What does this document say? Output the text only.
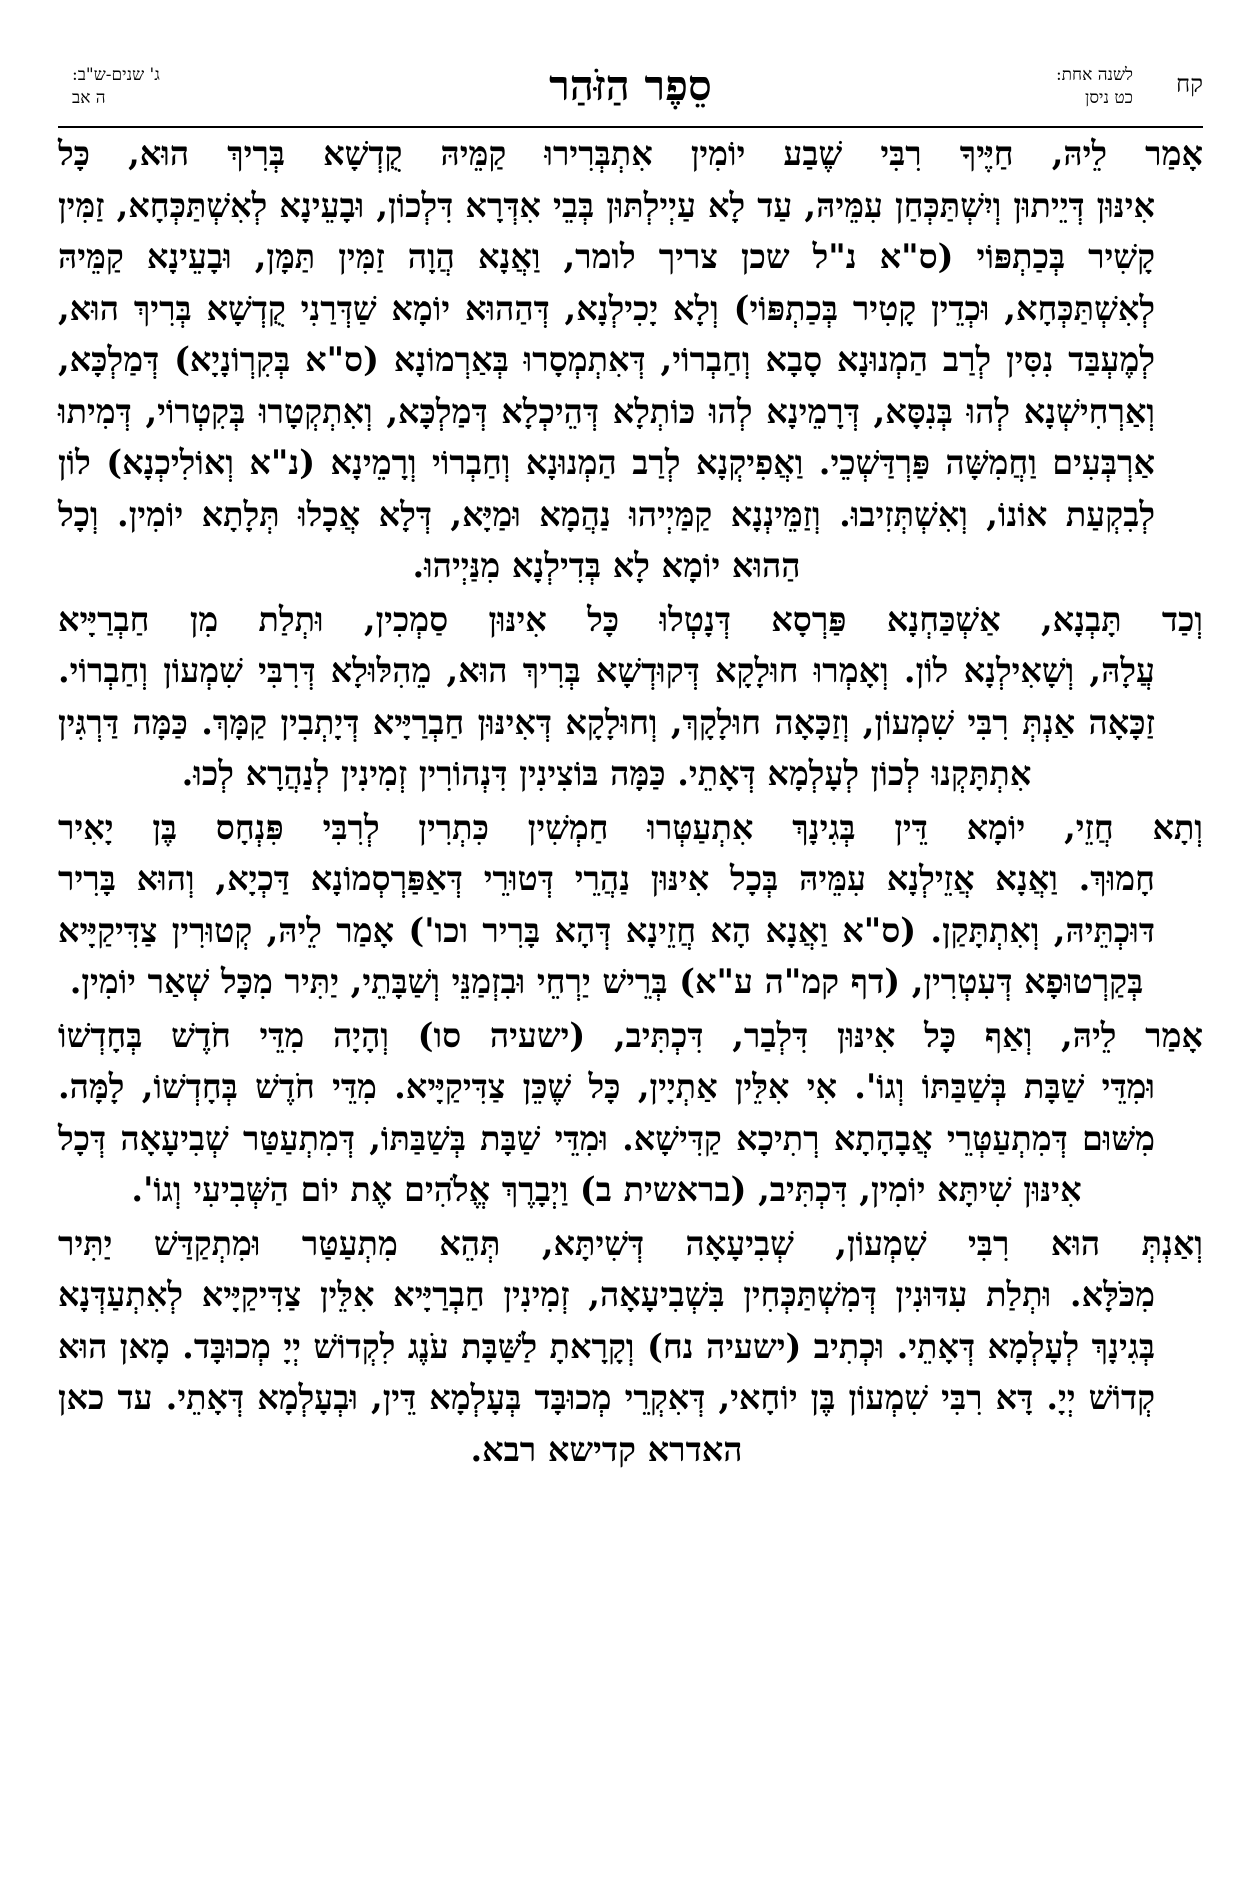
קח
לשנה אחת:
כט ניסן
סֵפֶר הַזֹּהַר
ג' שנים-ש"ב:
ה אב

אָמַר לֵיהּ, חַיֶּיךָ רִבִּי שֶׁבַע יוֹמִין אִתְבְּרִירוּ קַמֵּיהּ קֻדְשָׁא בְּרִיךְ הוּא, כָּל
אִינּוּן דְּיֵיתוּן וְיִשְׁתַּכְּחַן עִמֵּיהּ, עַד לָא עַיְילְתּוּן בְּבֵי אִדְּרָא דִּלְכוֹן, וּבָעֵינָא לְאִשְׁתַּכְּחָא, זַמִּין קָשִׁיר בְּכַתְפּוֹי (ס"א נ"ל שכן צריך לומר, וַאֲנָא הֲוָה זַמִּין תַּמָּן, וּבָעֵינָא קַמֵּיהּ לְאִשְׁתַּכְּחָא, וּכְדֵין קָטִיר בְּכַתְפּוֹי) וְלָא יָכִילְנָא, דְּהַהוּא יוֹמָא שַׁדְּרַנִי קֻדְשָׁא בְּרִיךְ הוּא, לְמֶעְבַּד נִסִּין לְרַב הַמְנוּנָא סָבָא וְחַבְרוֹי, דְּאִתְמְסָרוּ בְּאַרְמוֹנָא (ס"א בְּקִרְוֹנָיָא) דְּמַלְכָּא, וְאַרְחִישְׁנָא לְהוּ בְּנִסָּא, דְּרָמֵינָא לְהוּ כּוֹתְלָא דְּהֵיכְלָא דְּמַלְכָּא, וְאִתְקְטָרוּ בְּקִטְרוֹי, דְּמִיתוּ אַרְבְּעִים וַחֲמִשָּׁה פַּרְדַּשְׁכֵי. וַאֲפִיקְנָא לְרַב הַמְנוּנָא וְחַבְרוֹי וְרָמֵינָא (נ"א וְאוֹלִיכְנָא) לוֹן לְבִקְעַת אוֹנוֹ, וְאִשְׁתְּזִיבוּ. וְזַמֵּינְנָא קַמַּיְיהוּ נַהֲמָא וּמַיָּא, דְּלָא אֲכָלוּ תְּלָתָא יוֹמִין. וְכָל הַהוּא יוֹמָא לָא בְּדִילְנָא מִנַּיְיהוּ.

וְכַד תָּבְנָא, אַשְׁכַּחְנָא פַּרְסָא דְּנָטְלוּ כָּל אִינּוּן סַמְכִין, וּתְלַת מִן חַבְרַיָּיא
עֲלָהּ, וְשָׁאִילְנָא לוֹן. וְאָמְרוּ חוּלָקָא דְּקוּדְשָׁא בְּרִיךְ הוּא, מֵהִלּוּלָא דְּרִבִּי שִׁמְעוֹן וְחַבְרוֹי. זַכָּאָה אַנְתְּ רִבִּי שִׁמְעוֹן, וְזַכָּאָה חוּלָקָךְ, וְחוּלָקָא דְּאִינּוּן חַבְרַיָּיא דְּיָתְבִין קַמָּךְ. כַּמָּה דַּרְגִּין אִתְתָּקְנוּ לְכוֹן לְעָלְמָא דְּאָתֵי. כַּמָּה בּוֹצִינִין דִּנְהוֹרִין זְמִינִין לְנַהֲרָא לְכוּ.

וְתָא חֲזֵי, יוֹמָא דֵּין בְּגִינָךְ אִתְעַטְּרוּ חַמְשִׁין כִּתְרִין לְרִבִּי פִּנְחָס בֶּן יָאִיר
חָמוּךְ. וַאֲנָא אֲזֵילְנָא עִמֵּיהּ בְּכָל אִינּוּן נַהֲרֵי דְּטוּרֵי דְּאַפַּרְסְמוֹנָא דַּכְיָא, וְהוּא בָּרִיר דּוּכְתֵּיהּ, וְאִתְתָּקַן. (ס"א וַאֲנָא הָא חֲזֵינָא דְּהָא בָּרִיר וכו') אָמַר לֵיהּ, קְטוּרִין צַדִּיקַיָּיא בְּקַרְטוּפָא דְּעִטְרִין, (דף קמ"ה ע"א) בְּרֵישׁ יַרְחֵי וּבִזְמַנֵּי וְשַׁבָּתֵי, יַתִּיר מִכָּל שְׁאַר יוֹמִין.

אָמַר לֵיהּ, וְאַף כָּל אִינּוּן דִּלְבַר, דִּכְתִּיב, (ישעיה סו) וְהָיָה מִדֵּי חֹדֶשׁ בְּחָדְשׁוֹ
וּמִדֵּי שַׁבָּת בְּשַׁבַּתּוֹ וְגוֹ'. אִי אִלֵּין אַתְיָין, כָּל שֶׁכֵּן צַדִּיקַיָּיא. מִדֵּי חֹדֶשׁ בְּחָדְשׁוֹ, לָמָּה. מִשּׁוּם דְּמִתְעַטְּרֵי אֲבָהָתָא רְתִיכָא קַדִּישָׁא. וּמִדֵּי שַׁבָּת בְּשַׁבַּתּוֹ, דְּמִתְעַטַּר שְׁבִיעָאָה דְּכָל אִינּוּן שִׁיתָּא יוֹמִין, דִּכְתִּיב, (בראשית ב) וַיְבָרֶךְ אֱלֹהִים אֶת יוֹם הַשְּׁבִיעִי וְגוֹ'.

וְאַנְתְּ הוּא רִבִּי שִׁמְעוֹן, שְׁבִיעָאָה דְּשִׁיתָּא, תְּהֵא מִתְעַטַּר וּמִתְקַדַּשׁ יַתִּיר
מִכֹּלָּא. וּתְלַת עִדּוּנִין דְּמִשְׁתַּכְּחִין בִּשְׁבִיעָאָה, זְמִינִין חַבְרַיָּיא אִלֵּין צַדִּיקַיָּיא לְאִתְעַדְּנָא בְּגִינָךְ לְעָלְמָא דְּאָתֵי. וּכְתִיב (ישעיה נח) וְקָרָאתָ לַשַּׁבָּת עֹנֶג לִקְדוֹשׁ יְיָ מְכוּבָּד. מָאן הוּא קְדוֹשׁ יְיָ. דָּא רִבִּי שִׁמְעוֹן בֶּן יוֹחָאי, דְּאִקְרֵי מְכוּבָּד בְּעָלְמָא דֵּין, וּבְעָלְמָא דְּאָתֵי. עד כאן האדרא קדישא רבא.
